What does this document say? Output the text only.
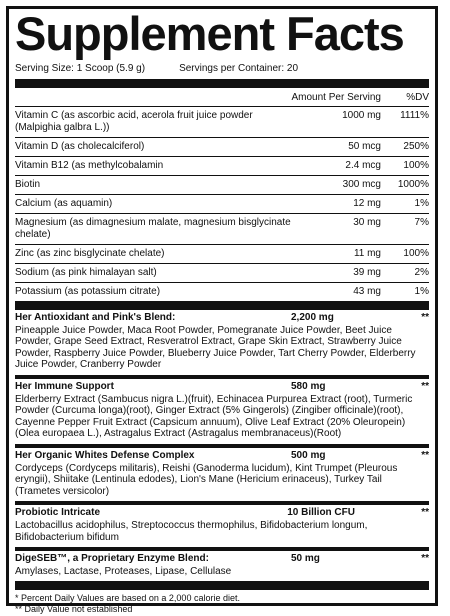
Supplement Facts
Serving Size: 1 Scoop (5.9 g)	Servings per Container: 20
Amount Per Serving	%DV
Vitamin C (as ascorbic acid, acerola fruit juice powder (Malpighia galbra L.))
1000 mg	1111%
Vitamin D (as cholecalciferol)	50 mcg	250%
Vitamin B12 (as methylcobalamin	2.4 mcg	100%
Biotin	300 mcg	1000%
Calcium (as aquamin)	12 mg	1%
Magnesium (as dimagnesium malate, magnesium bisglycinate chelate)
30 mg	7%
Zinc (as zinc bisglycinate chelate)	11 mg	100%
Sodium (as pink himalayan salt)	39 mg	2%
Potassium (as potassium citrate)	43 mg	1%
Her Antioxidant and Pink's Blend:	2,200 mg	**
Pineapple Juice Powder, Maca Root Powder, Pomegranate Juice Powder, Beet Juice Powder, Grape Seed Extract, Resveratrol Extract, Grape Skin Extract, Strawberry Juice Powder, Raspberry Juice Powder, Blueberry Juice Powder, Tart Cherry Powder, Elderberry Juice Powder, Cranberry Powder
Her Immune Support	580 mg	**
Elderberry Extract (Sambucus nigra L.)(fruit), Echinacea Purpurea Extract (root), Turmeric Powder (Curcuma longa)(root), Ginger Extract (5% Gingerols) (Zingiber officinale)(root), Cayenne Pepper Fruit Extract (Capsicum annuum), Olive Leaf Extract (20% Oleuropein) (Olea europaea L.), Astragalus Extract (Astragalus membranaceus)(Root)
Her Organic Whites Defense Complex	500 mg	**
Cordyceps (Cordyceps militaris), Reishi (Ganoderma lucidum), Kint Trumpet (Pleurous eryngii), Shiitake (Lentinula edodes), Lion's Mane (Hericium erinaceus), Turkey Tail (Trametes versicolor)
Probiotic Intricate	10 Billion CFU	**
Lactobacillus acidophilus, Streptococcus thermophilus, Bifidobacterium longum, Bifidobacterium bifidum
DigeSEB™, a Proprietary Enzyme Blend:	50 mg	**
Amylases, Lactase, Proteases, Lipase, Cellulase
* Percent Daily Values are based on a 2,000 calorie diet.
** Daily Value not established
